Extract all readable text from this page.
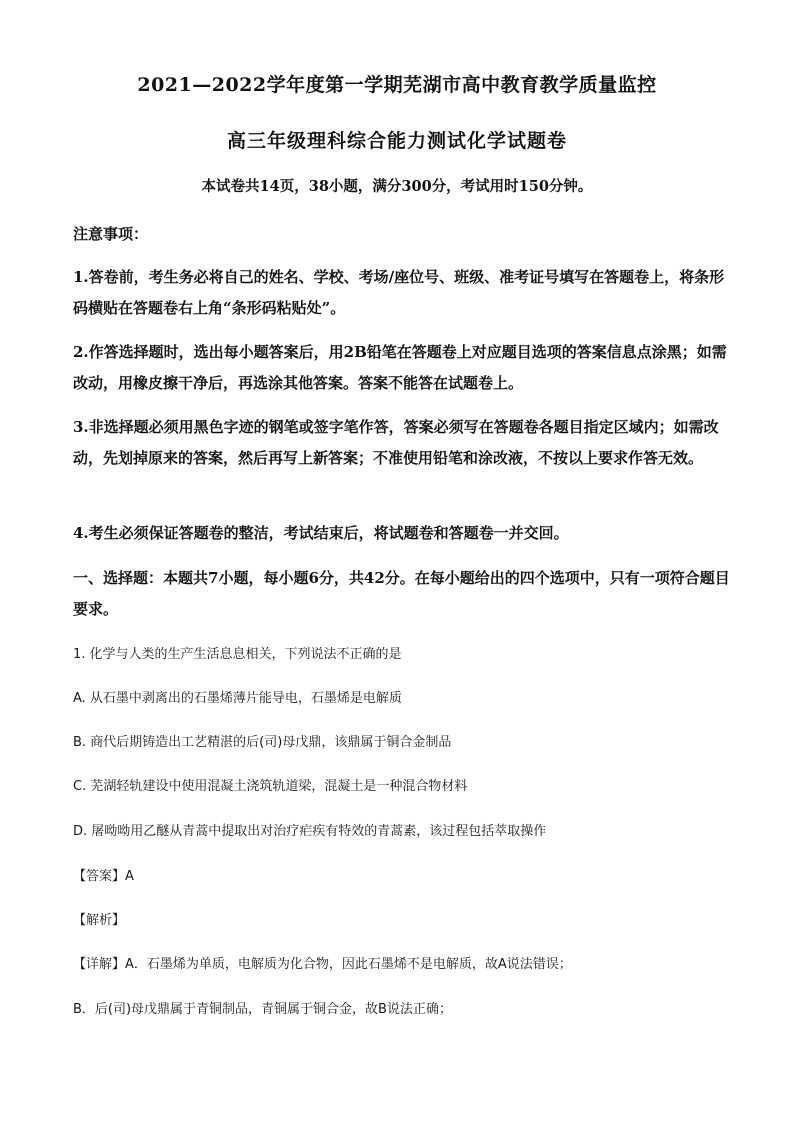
2021—2022学年度第一学期芜湖市高中教育教学质量监控
高三年级理科综合能力测试化学试题卷
本试卷共14页，38小题，满分300分，考试用时150分钟。
注意事项：
1.答卷前，考生务必将自己的姓名、学校、考场/座位号、班级、准考证号填写在答题卷上，将条形码横贴在答题卷右上角“条形码粘贴处”。
2.作答选择题时，选出每小题答案后，用2B铅笔在答题卷上对应题目选项的答案信息点涂黑；如需改动，用橡皮擦干净后，再选涂其他答案。答案不能答在试题卷上。
3.非选择题必须用黑色字迹的钢笔或签字笔作答，答案必须写在答题卷各题目指定区域内；如需改动，先划掉原来的答案，然后再写上新答案；不准使用铅笔和涂改液，不按以上要求作答无效。
4.考生必须保证答题卷的整洁，考试结束后，将试题卷和答题卷一并交回。
一、选择题：本题共7小题，每小题6分，共42分。在每小题给出的四个选项中，只有一项符合题目要求。
1. 化学与人类的生产生活息息相关，下列说法不正确的是
A. 从石墨中剥离出的石墨烯薄片能导电，石墨烯是电解质
B. 商代后期铸造出工艺精湛的后(司)母戊鼎，该鼎属于铜合金制品
C. 芜湖轻轨建设中使用混凝土浇筑轨道梁，混凝土是一种混合物材料
D. 屠呦呦用乙醚从青蒿中提取出对治疗疟疾有特效的青蒿素，该过程包括萃取操作
【答案】A
【解析】
【详解】A．石墨烯为单质，电解质为化合物，因此石墨烯不是电解质，故A说法错误；
B．后(司)母戊鼎属于青铜制品，青铜属于铜合金，故B说法正确；
